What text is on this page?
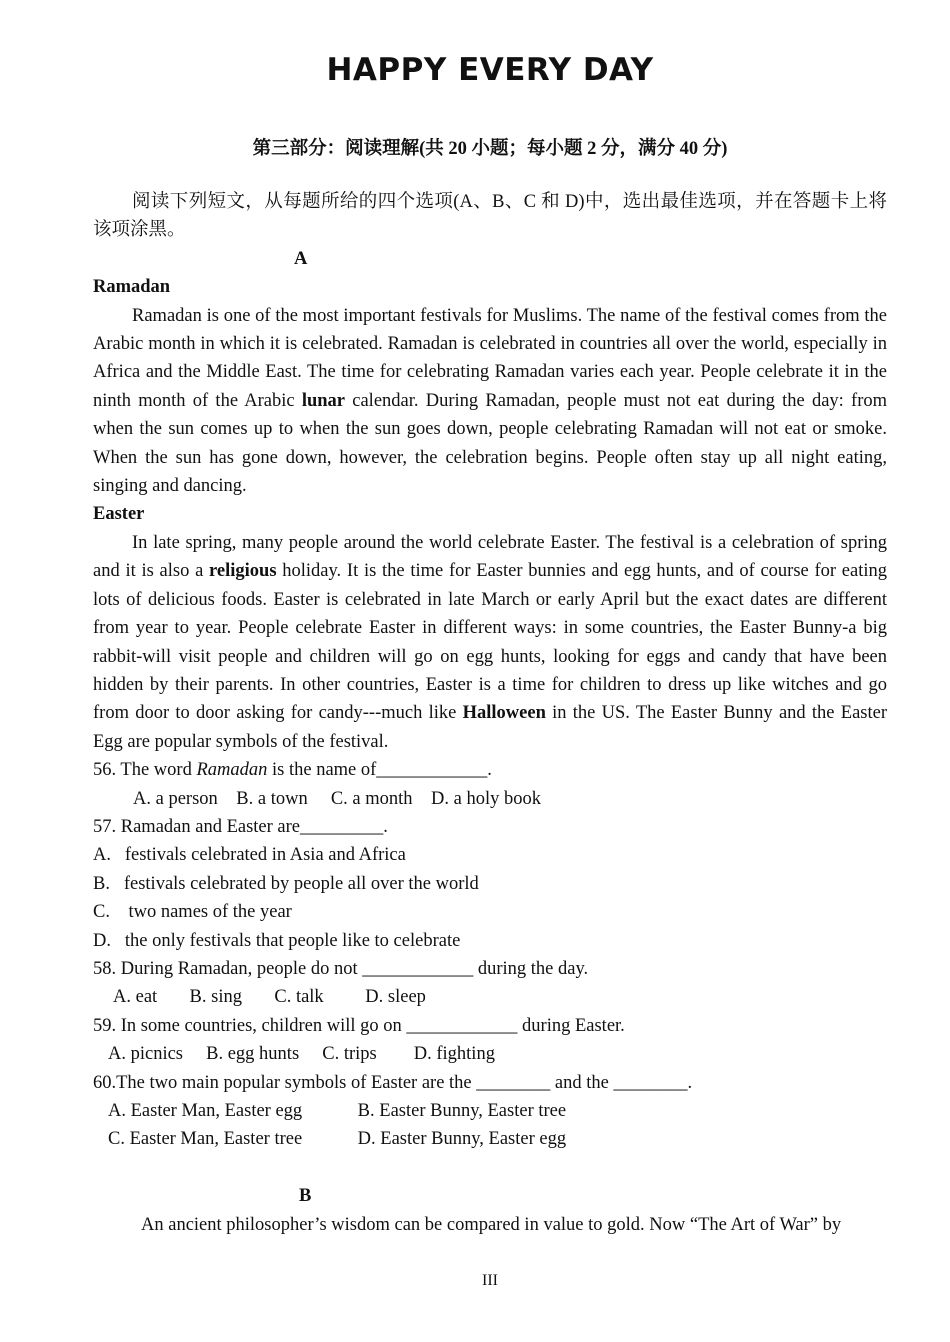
HAPPY EVERY DAY
第三部分：阅读理解(共 20 小题；每小题 2 分，满分 40 分)

阅读下列短文，从每题所给的四个选项(A、B、C 和 D)中，选出最佳选项，并在答题卡上将该项涂黑。

A

Ramadan

Ramadan is one of the most important festivals for Muslims. The name of the festival comes from the Arabic month in which it is celebrated. Ramadan is celebrated in countries all over the world, especially in Africa and the Middle East. The time for celebrating Ramadan varies each year. People celebrate it in the ninth month of the Arabic lunar calendar. During Ramadan, people must not eat during the day: from when the sun comes up to when the sun goes down, people celebrating Ramadan will not eat or smoke. When the sun has gone down, however, the celebration begins. People often stay up all night eating, singing and dancing.

Easter

In late spring, many people around the world celebrate Easter. The festival is a celebration of spring and it is also a religious holiday. It is the time for Easter bunnies and egg hunts, and of course for eating lots of delicious foods. Easter is celebrated in late March or early April but the exact dates are different from year to year. People celebrate Easter in different ways: in some countries, the Easter Bunny-a big rabbit-will visit people and children will go on egg hunts, looking for eggs and candy that have been hidden by their parents. In other countries, Easter is a time for children to dress up like witches and go from door to door asking for candy---much like Halloween in the US. The Easter Bunny and the Easter Egg are popular symbols of the festival.

56. The word Ramadan is the name of____________.

A. a person    B. a town     C. a month    D. a holy book

57. Ramadan and Easter are_________.

A.   festivals celebrated in Asia and Africa

B.   festivals celebrated by people all over the world

C.    two names of the year

D.   the only festivals that people like to celebrate

58. During Ramadan, people do not ____________ during the day.

A. eat       B. sing       C. talk         D. sleep

59. In some countries, children will go on ____________ during Easter.

A. picnics     B. egg hunts     C. trips        D. fighting

60.The two main popular symbols of Easter are the ________ and the ________.

A. Easter Man, Easter egg            B. Easter Bunny, Easter tree

C. Easter Man, Easter tree            D. Easter Bunny, Easter egg

B

An ancient philosopher’s wisdom can be compared in value to gold. Now “The Art of War” by

III
